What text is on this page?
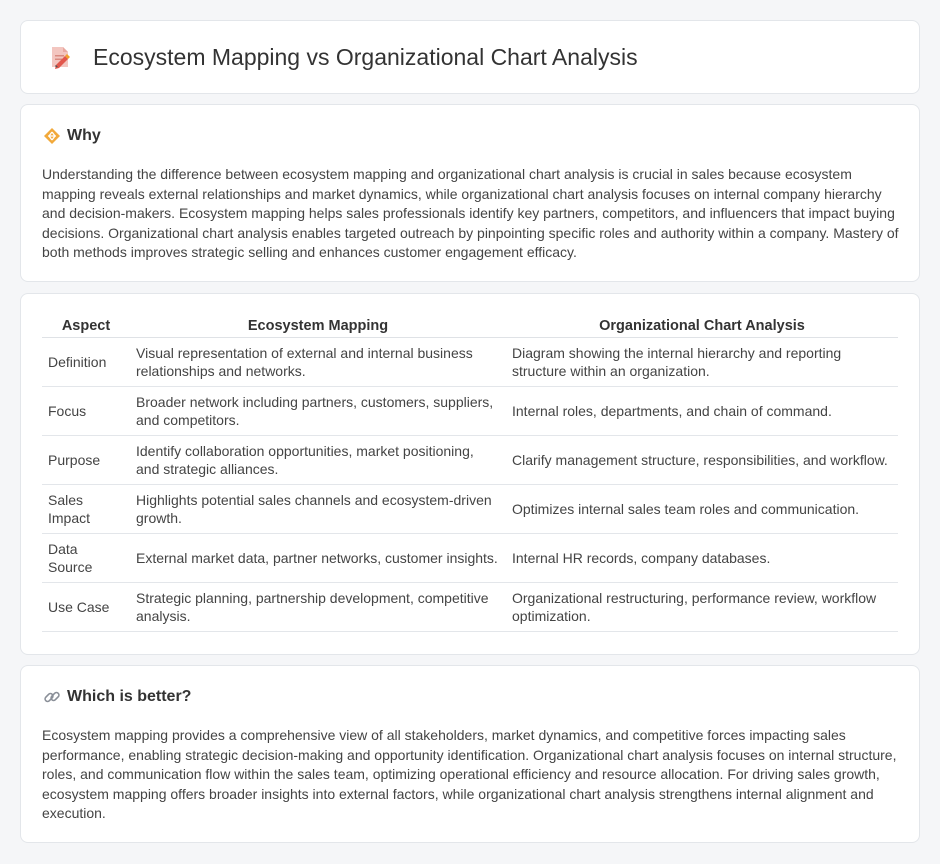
Ecosystem Mapping vs Organizational Chart Analysis
Why

Understanding the difference between ecosystem mapping and organizational chart analysis is crucial in sales because ecosystem mapping reveals external relationships and market dynamics, while organizational chart analysis focuses on internal company hierarchy and decision-makers. Ecosystem mapping helps sales professionals identify key partners, competitors, and influencers that impact buying decisions. Organizational chart analysis enables targeted outreach by pinpointing specific roles and authority within a company. Mastery of both methods improves strategic selling and enhances customer engagement efficacy.

Aspect	Ecosystem Mapping	Organizational Chart Analysis
Definition	Visual representation of external and internal business relationships and networks.	Diagram showing the internal hierarchy and reporting structure within an organization.
Focus	Broader network including partners, customers, suppliers, and competitors.	Internal roles, departments, and chain of command.
Purpose	Identify collaboration opportunities, market positioning, and strategic alliances.	Clarify management structure, responsibilities, and workflow.
Sales Impact	Highlights potential sales channels and ecosystem-driven growth.	Optimizes internal sales team roles and communication.
Data Source	External market data, partner networks, customer insights.	Internal HR records, company databases.
Use Case	Strategic planning, partnership development, competitive analysis.	Organizational restructuring, performance review, workflow optimization.
Which is better?

Ecosystem mapping provides a comprehensive view of all stakeholders, market dynamics, and competitive forces impacting sales performance, enabling strategic decision-making and opportunity identification. Organizational chart analysis focuses on internal structure, roles, and communication flow within the sales team, optimizing operational efficiency and resource allocation. For driving sales growth, ecosystem mapping offers broader insights into external factors, while organizational chart analysis strengthens internal alignment and execution.
